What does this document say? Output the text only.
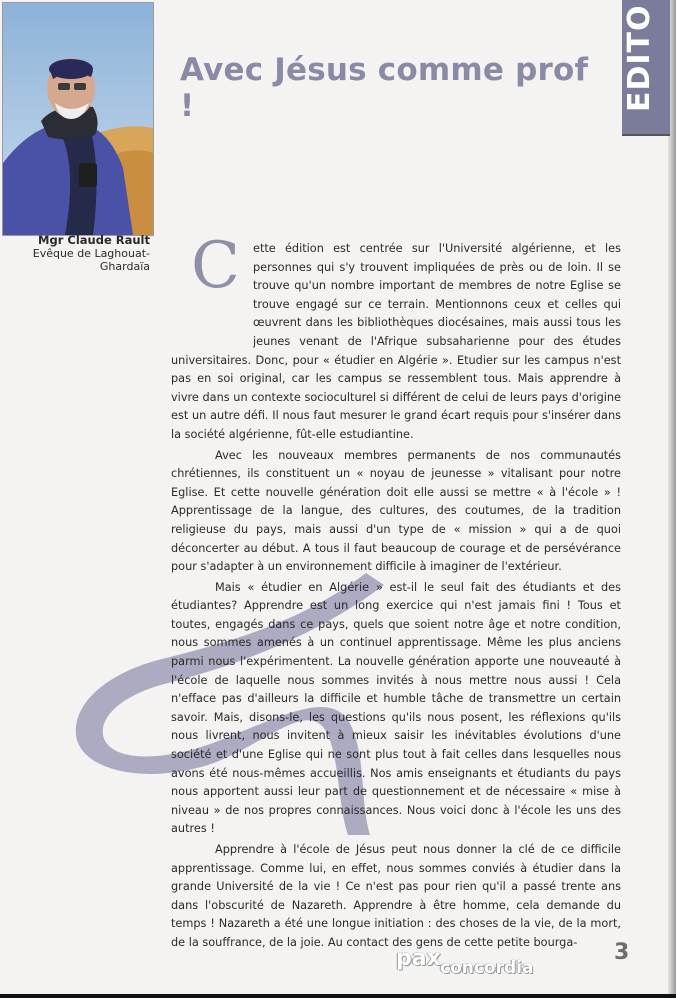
EDITO
Mgr Claude Rault
Evêque de Laghouat-
Ghardaïa
Avec Jésus comme prof !

C	ette édition est centrée sur l'Université algérienne, et les personnes qui s'y trouvent impliquées de près ou de loin. Il se trouve qu'un nombre important de membres de notre Eglise se trouve engagé sur ce terrain. Mentionnons ceux et celles qui œuvrent dans les bibliothèques diocésaines, mais aussi tous les jeunes venant de l'Afrique subsaharienne pour des études universitaires. Donc, pour « étudier en Algérie ». Etudier sur les campus n'est pas en soi original, car les campus se ressemblent tous. Mais apprendre à vivre dans un contexte socioculturel si différent de celui de leurs pays d'origine est un autre défi. Il nous faut mesurer le grand écart requis pour s'insérer dans la société algérienne, fût-elle estudiantine.

Avec les nouveaux membres permanents de nos communautés chrétiennes, ils constituent un « noyau de jeunesse » vitalisant pour notre Eglise. Et cette nouvelle génération doit elle aussi se mettre « à l'école » ! Apprentissage de la langue, des cultures, des coutumes, de la tradition religieuse du pays, mais aussi d'un type de « mission » qui a de quoi déconcerter au début. A tous il faut beaucoup de courage et de persévérance pour s'adapter à un environnement difficile à imaginer de l'extérieur.

Mais « étudier en Algérie » est-il le seul fait des étudiants et des étudiantes? Apprendre est un long exercice qui n'est jamais fini ! Tous et toutes, engagés dans ce pays, quels que soient notre âge et notre condition, nous sommes amenés à un continuel apprentissage. Même les plus anciens parmi nous l'expérimentent. La nouvelle génération apporte une nouveauté à l'école de laquelle nous sommes invités à nous mettre nous aussi ! Cela n'efface pas d'ailleurs la difficile et humble tâche de transmettre un certain savoir. Mais, disons-le, les questions qu'ils nous posent, les réflexions qu'ils nous livrent, nous invitent à mieux saisir les inévitables évolutions d'une société et d'une Eglise qui ne sont plus tout à fait celles dans lesquelles nous avons été nous-mêmes accueillis. Nos amis enseignants et étudiants du pays nous apportent aussi leur part de questionnement et de nécessaire « mise à niveau » de nos propres connaissances. Nous voici donc à l'école les uns des autres !

Apprendre à l'école de Jésus peut nous donner la clé de ce difficile apprentissage. Comme lui, en effet, nous sommes conviés à étudier dans la grande Université de la vie ! Ce n'est pas pour rien qu'il a passé trente ans dans l'obscurité de Nazareth. Apprendre à être homme, cela demande du temps ! Nazareth a été une longue initiation : des choses de la vie, de la mort, de la souffrance, de la joie. Au contact des gens de cette petite bourga-

pax concordia
3
